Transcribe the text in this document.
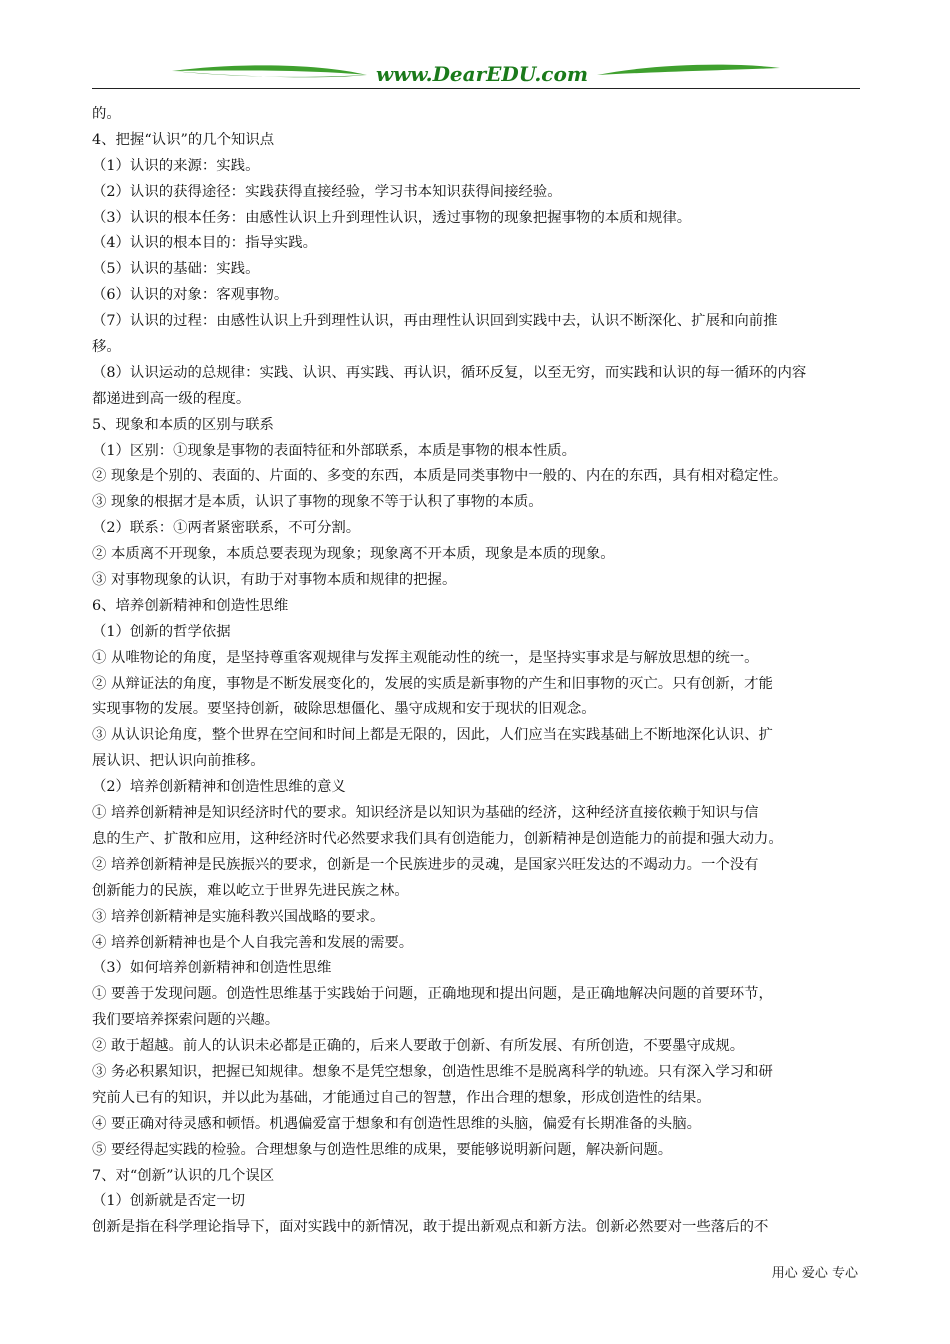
www.DearEDU.com
的。
4、把握“认识”的几个知识点
（1）认识的来源：实践。
（2）认识的获得途径：实践获得直接经验，学习书本知识获得间接经验。
（3）认识的根本任务：由感性认识上升到理性认识，透过事物的现象把握事物的本质和规律。
（4）认识的根本目的：指导实践。
（5）认识的基础：实践。
（6）认识的对象：客观事物。
（7）认识的过程：由感性认识上升到理性认识，再由理性认识回到实践中去，认识不断深化、扩展和向前推
移。
（8）认识运动的总规律：实践、认识、再实践、再认识，循环反复，以至无穷，而实践和认识的每一循环的内容
都递进到高一级的程度。
5、现象和本质的区别与联系
（1）区别：①现象是事物的表面特征和外部联系，本质是事物的根本性质。
② 现象是个别的、表面的、片面的、多变的东西，本质是同类事物中一般的、内在的东西，具有相对稳定性。
③ 现象的根据才是本质，认识了事物的现象不等于认积了事物的本质。
（2）联系：①两者紧密联系，不可分割。
② 本质离不开现象，本质总要表现为现象；现象离不开本质，现象是本质的现象。
③ 对事物现象的认识，有助于对事物本质和规律的把握。
6、培养创新精神和创造性思维
（1）创新的哲学依据
① 从唯物论的角度，是坚持尊重客观规律与发挥主观能动性的统一，是坚持实事求是与解放思想的统一。
② 从辩证法的角度，事物是不断发展变化的，发展的实质是新事物的产生和旧事物的灭亡。只有创新，才能
实现事物的发展。要坚持创新，破除思想僵化、墨守成规和安于现状的旧观念。
③ 从认识论角度，整个世界在空间和时间上都是无限的，因此，人们应当在实践基础上不断地深化认识、扩
展认识、把认识向前推移。
（2）培养创新精神和创造性思维的意义
① 培养创新精神是知识经济时代的要求。知识经济是以知识为基础的经济，这种经济直接依赖于知识与信
息的生产、扩散和应用，这种经济时代必然要求我们具有创造能力，创新精神是创造能力的前提和强大动力。
② 培养创新精神是民族振兴的要求，创新是一个民族进步的灵魂，是国家兴旺发达的不竭动力。一个没有
创新能力的民族，难以屹立于世界先进民族之林。
③ 培养创新精神是实施科教兴国战略的要求。
④ 培养创新精神也是个人自我完善和发展的需要。
（3）如何培养创新精神和创造性思维
① 要善于发现问题。创造性思维基于实践始于问题，正确地现和提出问题，是正确地解决问题的首要环节，
我们要培养探索问题的兴趣。
② 敢于超越。前人的认识未必都是正确的，后来人要敢于创新、有所发展、有所创造，不要墨守成规。
③ 务必积累知识，把握已知规律。想象不是凭空想象，创造性思维不是脱离科学的轨迹。只有深入学习和研
究前人已有的知识，并以此为基础，才能通过自己的智慧，作出合理的想象，形成创造性的结果。
④ 要正确对待灵感和顿悟。机遇偏爱富于想象和有创造性思维的头脑，偏爱有长期准备的头脑。
⑤ 要经得起实践的检验。合理想象与创造性思维的成果，要能够说明新问题，解决新问题。
7、对“创新”认识的几个误区
（1）创新就是否定一切
创新是指在科学理论指导下，面对实践中的新情况，敢于提出新观点和新方法。创新必然要对一些落后的不
用心 爱心 专心
